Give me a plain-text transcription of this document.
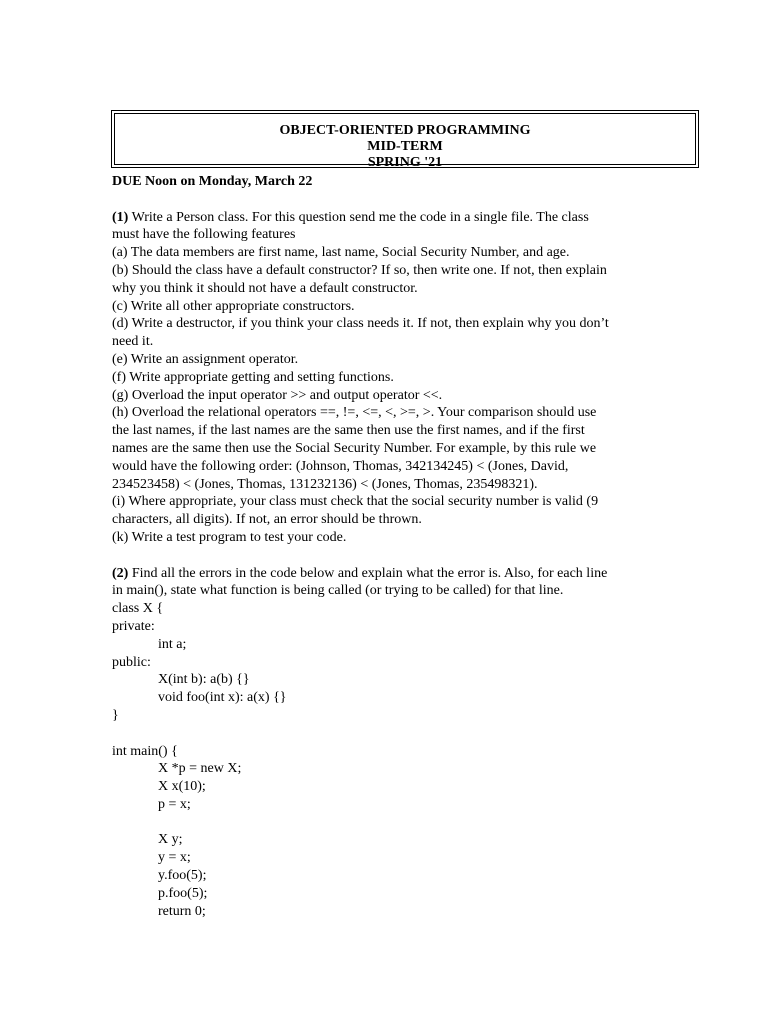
OBJECT-ORIENTED PROGRAMMING
MID-TERM
SPRING '21
DUE Noon on Monday, March 22
(1) Write a Person class. For this question send me the code in a single file. The class
must have the following features
(a) The data members are first name, last name, Social Security Number, and age.
(b) Should the class have a default constructor? If so, then write one. If not, then explain
why you think it should not have a default constructor.
(c) Write all other appropriate constructors.
(d) Write a destructor, if you think your class needs it. If not, then explain why you don’t
need it.
(e) Write an assignment operator.
(f) Write appropriate getting and setting functions.
(g) Overload the input operator >> and output operator <<.
(h) Overload the relational operators ==, !=, <=, <, >=, >. Your comparison should use
the last names, if the last names are the same then use the first names, and if the first
names are the same then use the Social Security Number. For example, by this rule we
would have the following order: (Johnson, Thomas, 342134245) < (Jones, David,
234523458) < (Jones, Thomas, 131232136) < (Jones, Thomas, 235498321).
(i) Where appropriate, your class must check that the social security number is valid (9
characters, all digits). If not, an error should be thrown.
(k) Write a test program to test your code.
(2) Find all the errors in the code below and explain what the error is. Also, for each line
in main(), state what function is being called (or trying to be called) for that line.
class X {
private:
int a;
public:
X(int b): a(b) {}
void foo(int x): a(x) {}
}
int main() {
X *p = new X;
X x(10);
p = x;
X y;
y = x;
y.foo(5);
p.foo(5);
return 0;
